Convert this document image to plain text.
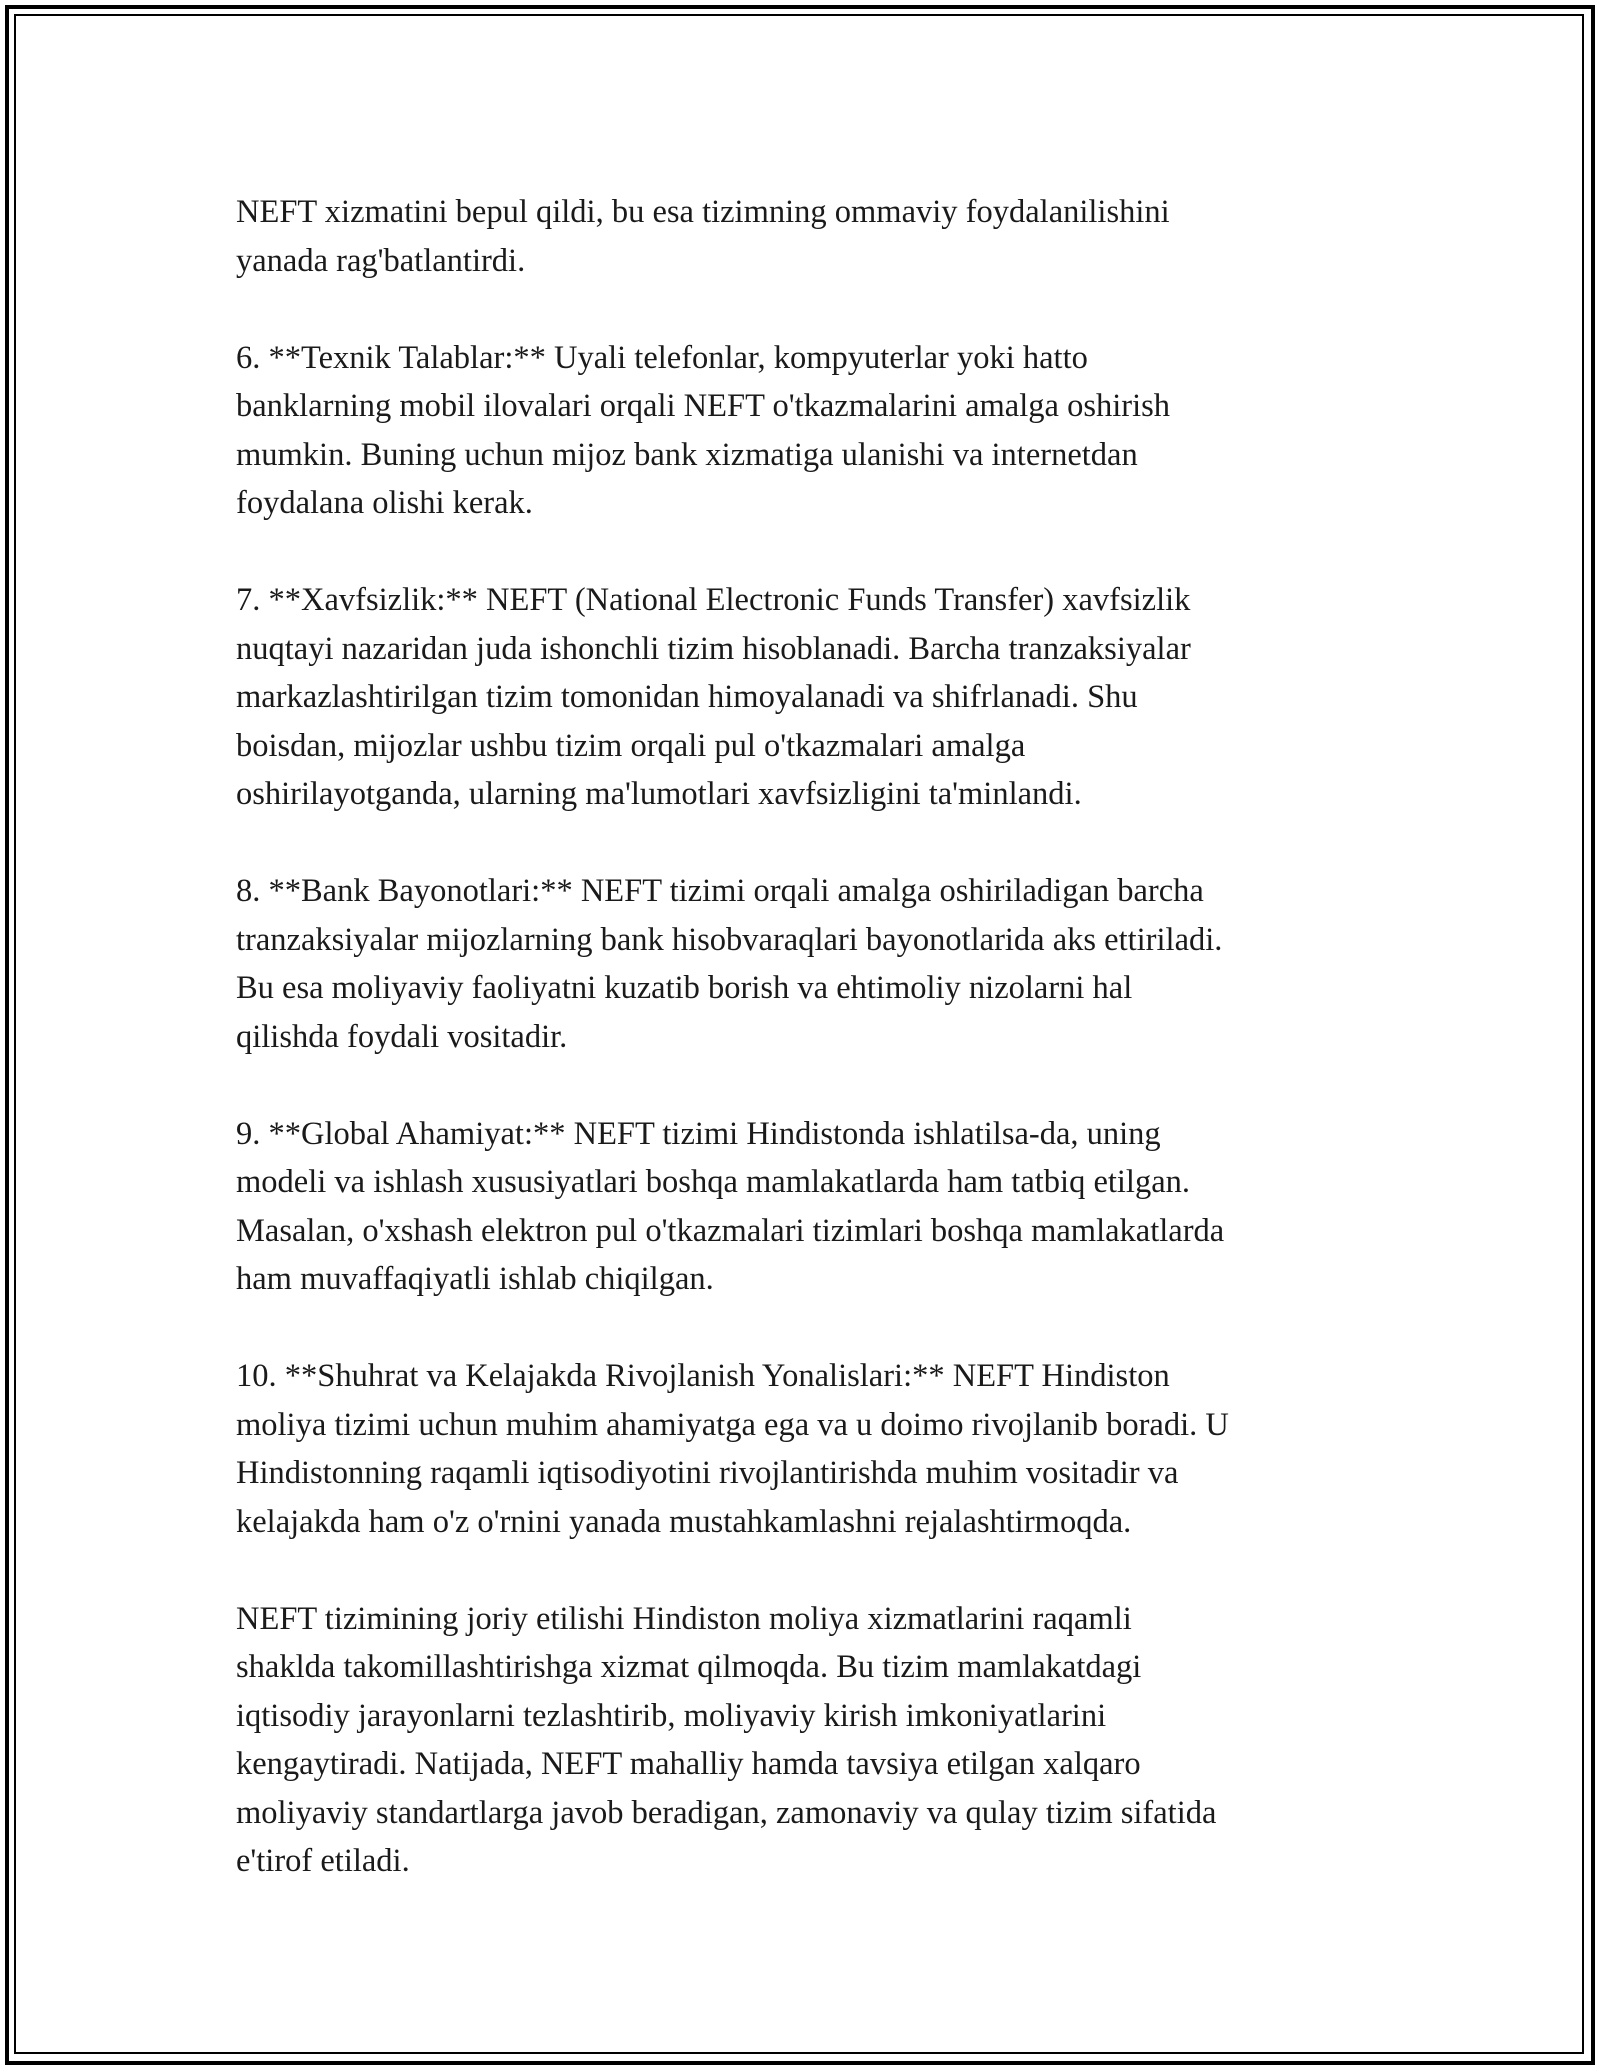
NEFT xizmatini bepul qildi, bu esa tizimning ommaviy foydalanilishini
yanada rag'batlantirdi.

6. **Texnik Talablar:** Uyali telefonlar, kompyuterlar yoki hatto
banklarning mobil ilovalari orqali NEFT o'tkazmalarini amalga oshirish
mumkin. Buning uchun mijoz bank xizmatiga ulanishi va internetdan
foydalana olishi kerak.

7. **Xavfsizlik:** NEFT (National Electronic Funds Transfer) xavfsizlik
nuqtayi nazaridan juda ishonchli tizim hisoblanadi. Barcha tranzaksiyalar
markazlashtirilgan tizim tomonidan himoyalanadi va shifrlanadi. Shu
boisdan, mijozlar ushbu tizim orqali pul o'tkazmalari amalga
oshirilayotganda, ularning ma'lumotlari xavfsizligini ta'minlandi.

8. **Bank Bayonotlari:** NEFT tizimi orqali amalga oshiriladigan barcha
tranzaksiyalar mijozlarning bank hisobvaraqlari bayonotlarida aks ettiriladi.
Bu esa moliyaviy faoliyatni kuzatib borish va ehtimoliy nizolarni hal
qilishda foydali vositadir.

9. **Global Ahamiyat:** NEFT tizimi Hindistonda ishlatilsa-da, uning
modeli va ishlash xususiyatlari boshqa mamlakatlarda ham tatbiq etilgan.
Masalan, o'xshash elektron pul o'tkazmalari tizimlari boshqa mamlakatlarda
ham muvaffaqiyatli ishlab chiqilgan.

10. **Shuhrat va Kelajakda Rivojlanish Yonalislari:** NEFT Hindiston
moliya tizimi uchun muhim ahamiyatga ega va u doimo rivojlanib boradi. U
Hindistonning raqamli iqtisodiyotini rivojlantirishda muhim vositadir va
kelajakda ham o'z o'rnini yanada mustahkamlashni rejalashtirmoqda.

NEFT tizimining joriy etilishi Hindiston moliya xizmatlarini raqamli
shaklda takomillashtirishga xizmat qilmoqda. Bu tizim mamlakatdagi
iqtisodiy jarayonlarni tezlashtirib, moliyaviy kirish imkoniyatlarini
kengaytiradi. Natijada, NEFT mahalliy hamda tavsiya etilgan xalqaro
moliyaviy standartlarga javob beradigan, zamonaviy va qulay tizim sifatida
e'tirof etiladi.
